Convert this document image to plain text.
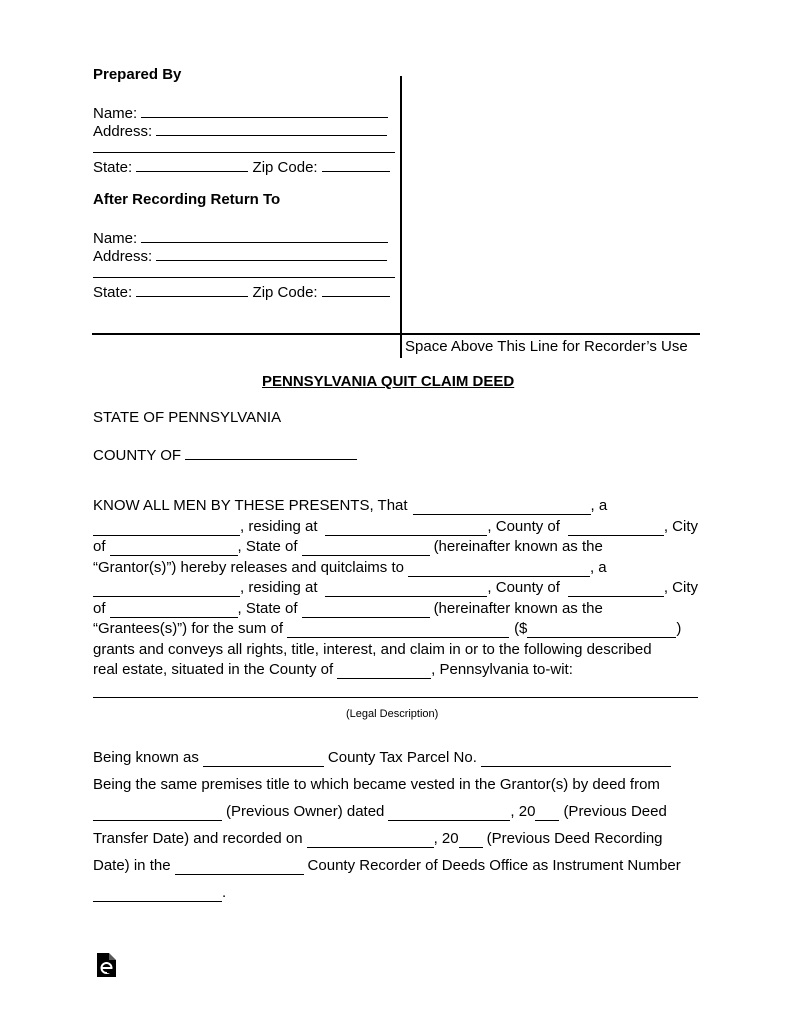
Prepared By
Name:
Address:
State:	Zip Code:
After Recording Return To
Name:
Address:
State:	Zip Code:
Space Above This Line for Recorder’s Use
PENNSYLVANIA QUIT CLAIM DEED
STATE OF PENNSYLVANIA
COUNTY OF
KNOW ALL MEN BY THESE PRESENTS, That	, a
, residing at	, County of	, City
of	, State of	(hereinafter known as the
“Grantor(s)”) hereby releases and quitclaims to	, a
, residing at	, County of	, City
of	, State of	(hereinafter known as the
“Grantees(s)”) for the sum of	($	)
grants and conveys all rights, title, interest, and claim in or to the following described
real estate, situated in the County of	, Pennsylvania to-wit:
(Legal Description)
Being known as	County Tax Parcel No.
Being the same premises title to which became vested in the Grantor(s) by deed from
(Previous Owner) dated	, 20 (Previous Deed
Transfer Date) and recorded on	, 20 (Previous Deed Recording
Date) in the	County Recorder of Deeds Office as Instrument Number
.
